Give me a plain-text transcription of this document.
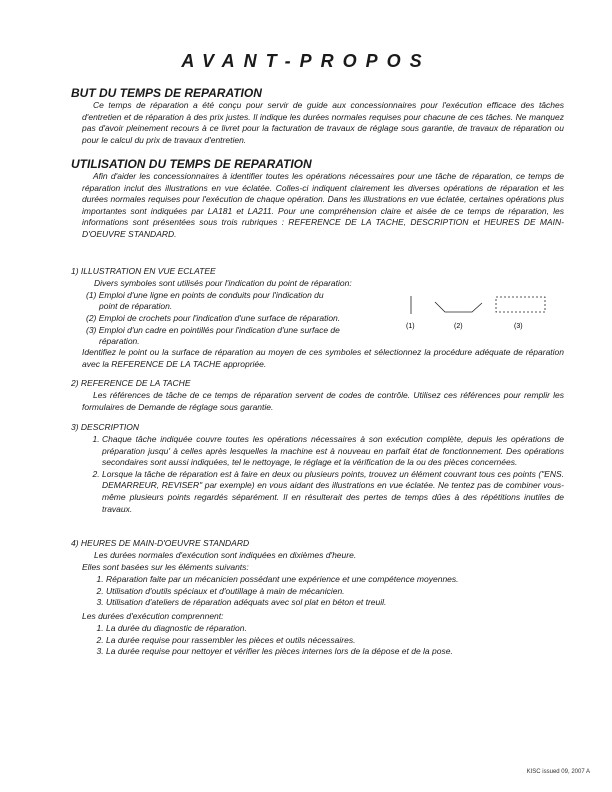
AVANT-PROPOS
BUT DU TEMPS DE REPARATION

Ce temps de réparation a été conçu pour servir de guide aux concessionnaires pour l'exécution efficace des tâches d'entretien et de réparation à des prix justes. Il indique les durées normales requises pour chacune de ces tâches. Ne manquez pas d'avoir pleinement recours à ce livret pour la facturation de travaux de réglage sous garantie, de travaux de réparation ou pour le calcul du prix de travaux d'entretien.

UTILISATION DU TEMPS DE REPARATION

Afin d'aider les concessionnaires à identifier toutes les opérations nécessaires pour une tâche de réparation, ce temps de réparation inclut des illustrations en vue éclatée. Colles-ci indiquent clairement les diverses opérations de réparation et les durées normales requises pour l'exécution de chaque opération. Dans les illustrations en vue éclatée, certaines opérations plus importantes sont indiquées par LA181 et LA211. Pour une compréhension claire et aisée de ce temps de réparation, les informations sont présentées sous trois rubriques : REFERENCE DE LA TACHE, DESCRIPTION et HEURES DE MAIN-D'OEUVRE STANDARD.

1) ILLUSTRATION EN VUE ECLATEE
Divers symboles sont utilisés pour l'indication du point de réparation:
(1) Emploi d'une ligne en points de conduits pour l'indication du
point de réparation.
(2) Emploi de crochets pour l'indication d'une surface de réparation.
(3) Emploi d'un cadre en pointillés pour l'indication d'une surface de
réparation.
(1)	(2)	(3)

Identifiez le point ou la surface de réparation au moyen de ces symboles et sélectionnez la procédure adéquate de réparation avec la REFERENCE DE LA TACHE appropriée.

2) REFERENCE DE LA TACHE

Les références de tâche de ce temps de réparation servent de codes de contrôle. Utilisez ces références pour remplir les formulaires de Demande de réglage sous garantie.

3) DESCRIPTION
1. Chaque tâche indiquée couvre toutes les opérations nécessaires à son exécution complète, depuis les opérations de préparation jusqu' à celles après lesquelles la machine est à nouveau en parfait état de fonctionnement. Des opérations secondaires sont aussi indiquées, tel le nettoyage, le réglage et la vérification de la ou des pièces concernées.
2. Lorsque la tâche de réparation est à faire en deux ou plusieurs points, trouvez un élément couvrant tous ces points ("ENS. DEMARREUR, REVISER" par exemple) en vous aidant des illustrations en vue éclatée. Ne tentez pas de combiner vous-même plusieurs points regardés séparément. Il en résulterait des pertes de temps dûes à des répétitions inutiles de travaux.
4) HEURES DE MAIN-D'OEUVRE STANDARD
Les durées normales d'exécution sont indiquées en dixièmes d'heure.
Elles sont basées sur les éléments suivants:
1. Réparation faite par un mécanicien possédant une expérience et une compétence moyennes.
2. Utilisation d'outils spéciaux et d'outillage à main de mécanicien.
3. Utilisation d'ateliers de réparation adéquats avec sol plat en béton et treuil.
Les durées d'exécution comprennent:
1. La durée du diagnostic de réparation.
2. La durée requise pour rassembler les pièces et outils nécessaires.
3. La durée requise pour nettoyer et vérifier les pièces internes lors de la dépose et de la pose.
KISC issued 09, 2007 A
